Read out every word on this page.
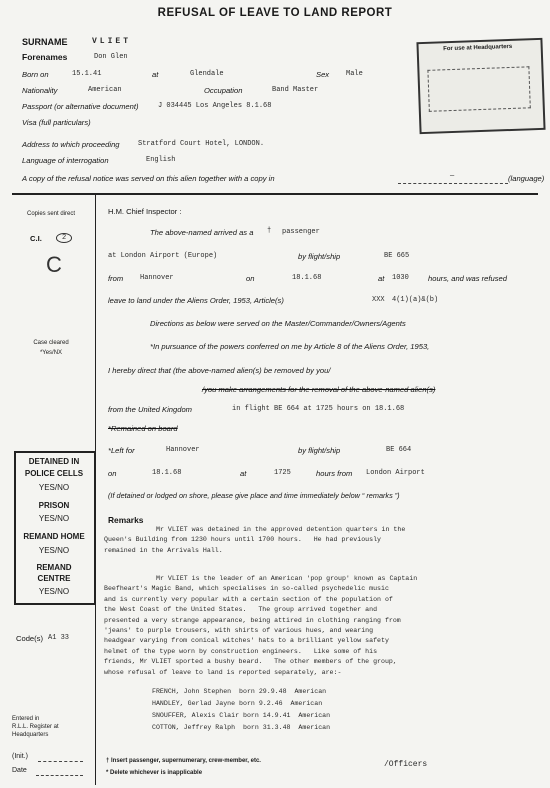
REFUSAL OF LEAVE TO LAND REPORT
For use at Headquarters
SURNAME	VLIET
Forenames	Don Glen
Born on	15.1.41	at	Glendale	Sex Male
Nationality	American	Occupation	Band Master
Passport (or alternative document)	J 034445 Los Angeles 8.1.68
Visa (full particulars)
Address to which proceeding	Stratford Court Hotel, LONDON.
Language of interrogation	English
A copy of the refusal notice was served on this alien together with a copy in	—	(language)
Copies sent direct
C.I.	2
C
Case cleared
*Yes/NX
DETAINED IN
POLICE CELLS
YES/NO
PRISON
YES/NO
REMAND HOME
YES/NO
REMAND
CENTRE
YES/NO
Code(s) A1 33
Entered in
R.L.L. Register at
Headquarters
(Init.)
Date
H.M. Chief Inspector :
The above-named arrived as a † passenger
at London Airport (Europe)	by flight/ship	BE 665
from Hannover	on	18.1.68	at 1030	hours, and was refused
leave to land under the Aliens Order, 1953, Article(s)	XXX 4(1)(a)&(b)
Directions as below were served on the Master/Commander/Owners/Agents
*In pursuance of the powers conferred on me by Article 8 of the Aliens Order, 1953,
I hereby direct that (the above-named alien(s) be removed by you/
/you make arrangements for the removal of the above-named alien(s)
from the United Kingdom	in flight BE 664 at 1725 hours on 18.1.68
*Remained on board
*Left for	Hannover	by flight/ship	BE 664
on	18.1.68	at	1725	hours from London Airport
(If detained or lodged on shore, please give place and time immediately below “ remarks ”)
Remarks
Mr VLIET was detained in the approved detention quarters in the
Queen's Building from 1230 hours until 1700 hours.   He had previously
remained in the Arrivals Hall.
Mr VLIET is the leader of an American 'pop group' known as Captain
Beefheart's Magic Band, which specialises in so-called psychedelic music
and is currently very popular with a certain section of the population of
the West Coast of the United States.   The group arrived together and
presented a very strange appearance, being attired in clothing ranging from
'jeans' to purple trousers, with shirts of various hues, and wearing
headgear varying from conical witches' hats to a brilliant yellow safety
helmet of the type worn by construction engineers.   Like some of his
friends, Mr VLIET sported a bushy beard.   The other members of the group,
whose refusal of leave to land is reported separately, are:-
FRENCH, John Stephen  born 29.9.48  American
HANDLEY, Gerlad Jayne born 9.2.46  American
SNOUFFER, Alexis Clair born 14.9.41  American
COTTON, Jeffrey Ralph  born 31.3.48  American
† Insert passenger, supernumerary, crew-member, etc.
* Delete whichever is inapplicable
/Officers
